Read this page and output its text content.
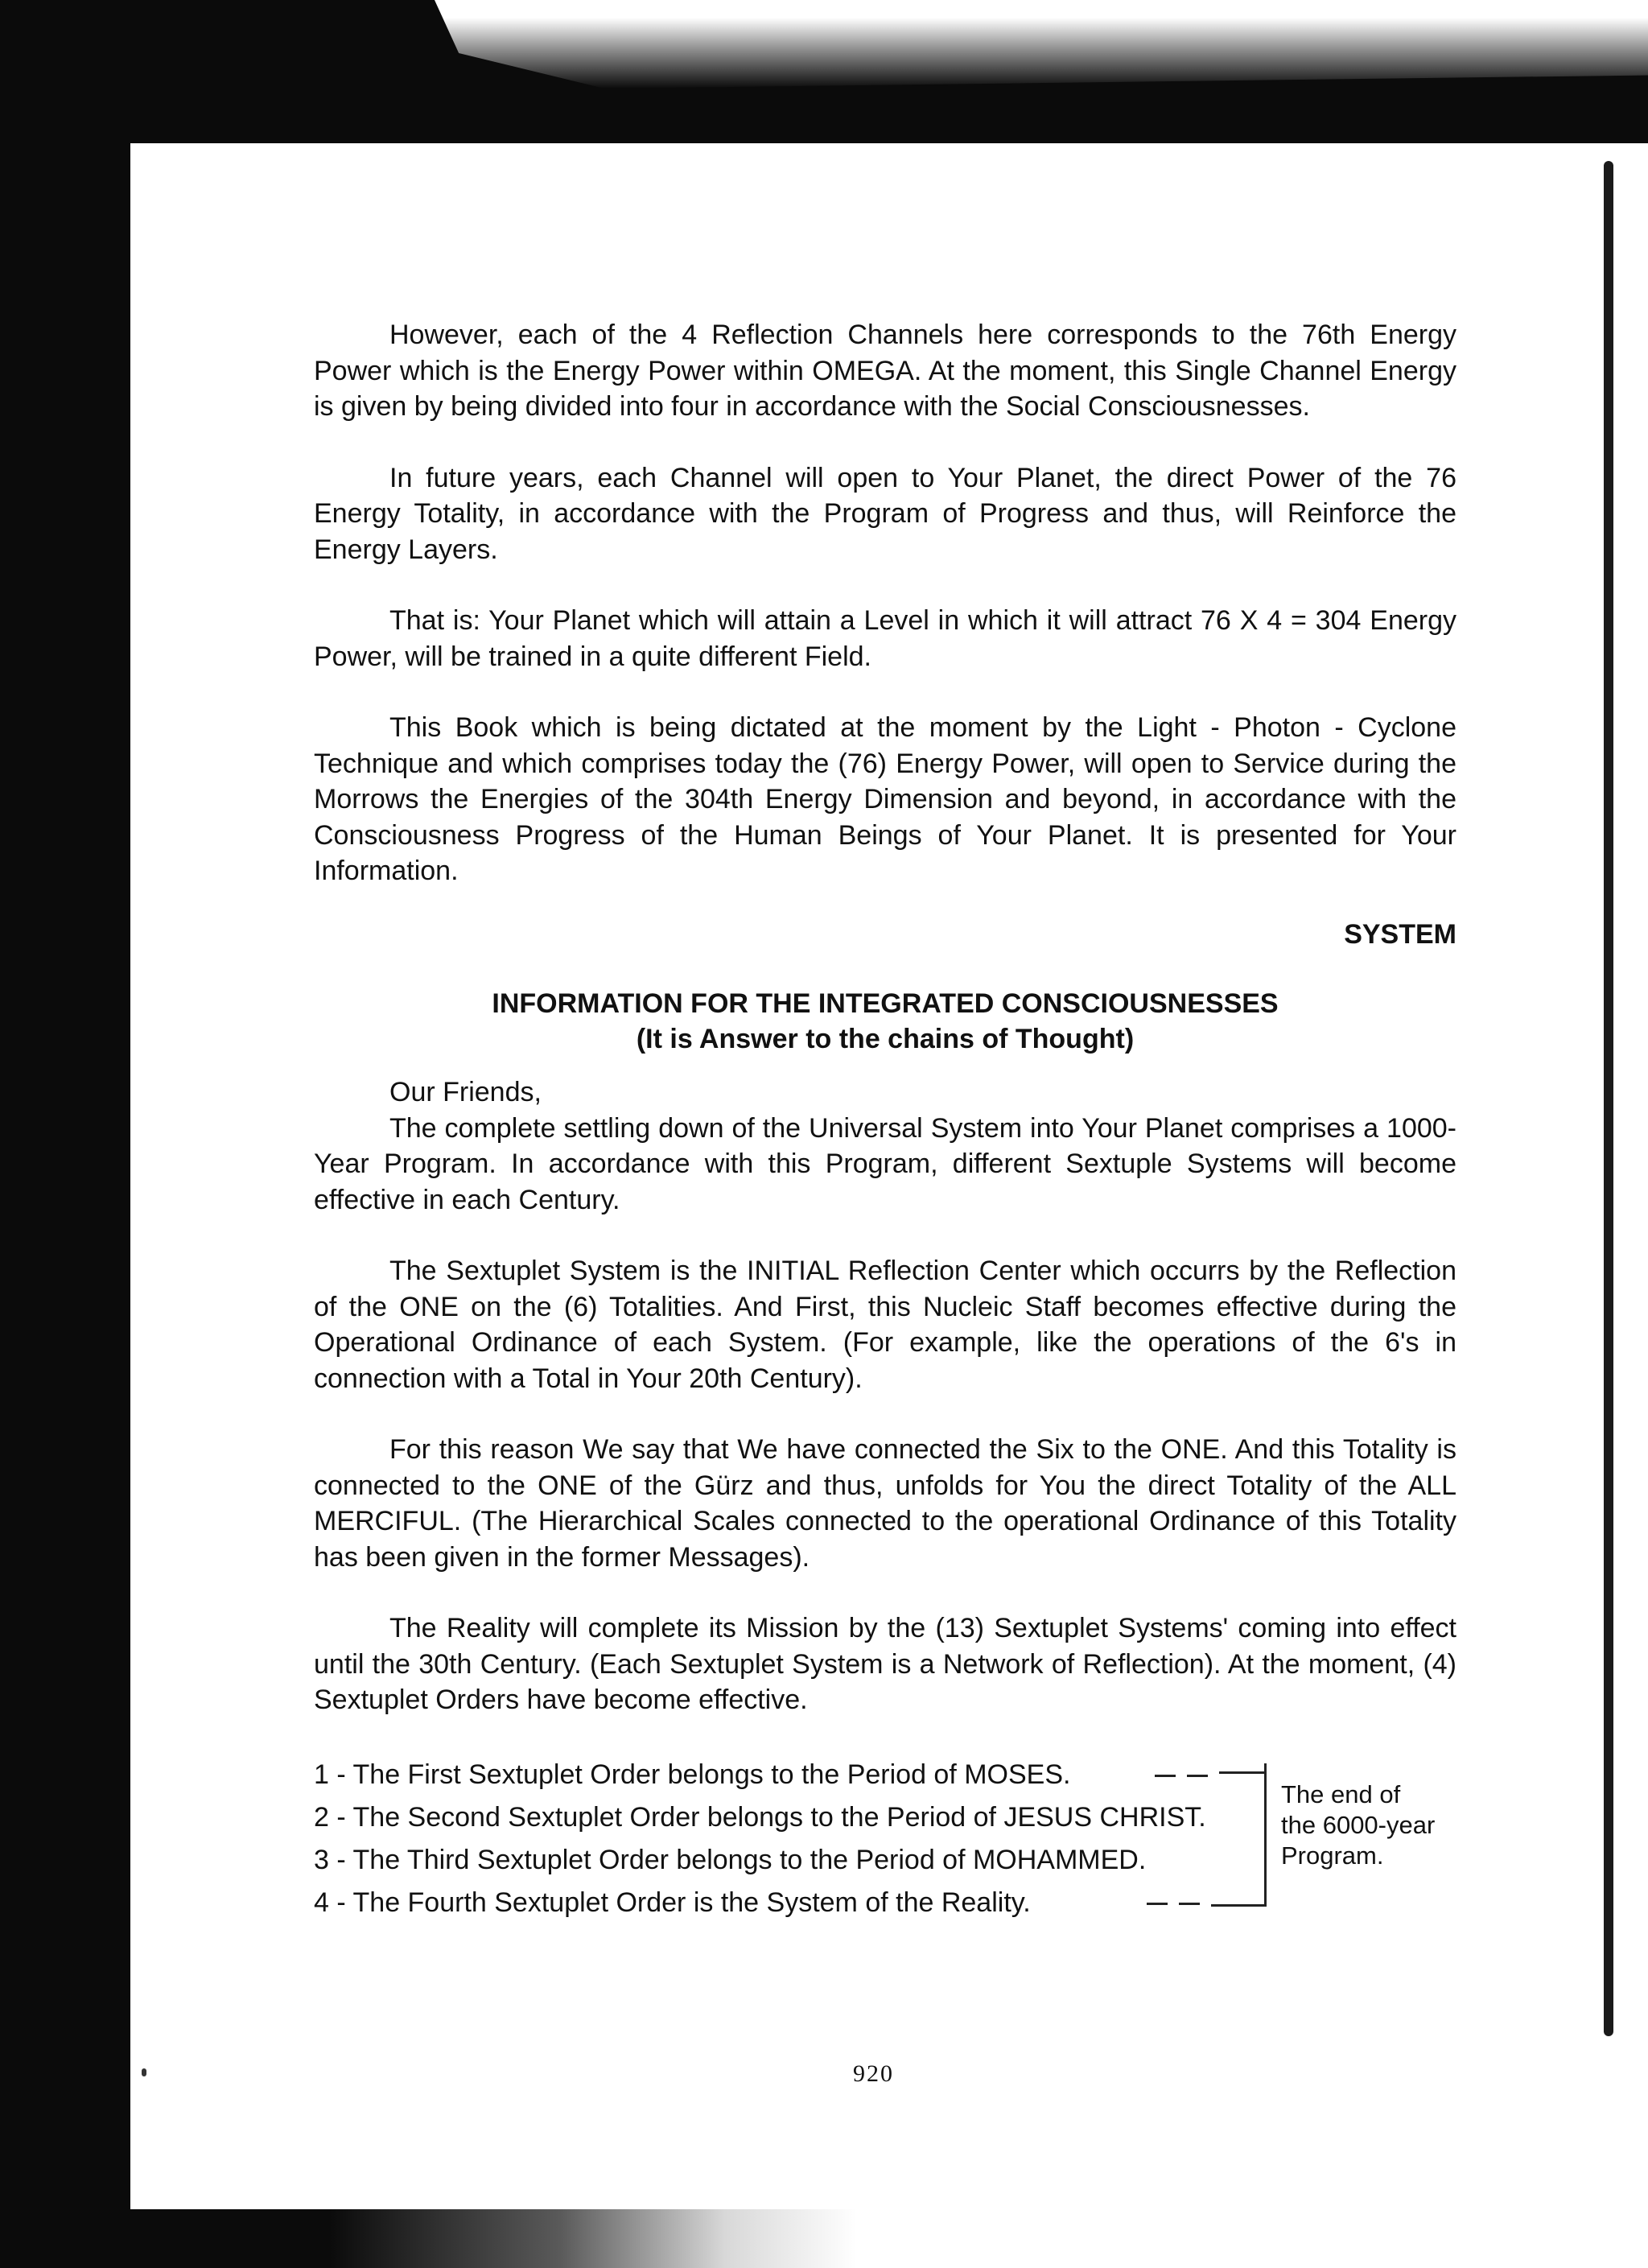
However, each of the 4 Reflection Channels here corresponds to the 76th Energy Power which is the Energy Power within OMEGA. At the moment, this Single Channel Energy is given by being divided into four in accordance with the Social Consciousnesses.

In future years, each Channel will open to Your Planet, the direct Power of the 76 Energy Totality, in accordance with the Program of Progress and thus, will Reinforce the Energy Layers.

That is: Your Planet which will attain a Level in which it will attract 76 X 4 = 304 Energy Power, will be trained in a quite different Field.

This Book which is being dictated at the moment by the Light - Photon - Cyclone Technique and which comprises today the (76) Energy Power, will open to Service during the Morrows the Energies of the 304th Energy Dimension and beyond, in accordance with the Consciousness Progress of the Human Beings of Your Planet. It is presented for Your Information.

SYSTEM
INFORMATION FOR THE INTEGRATED CONSCIOUSNESSES
(It is Answer to the chains of Thought)
Our Friends,

The complete settling down of the Universal System into Your Planet comprises a 1000-Year Program. In accordance with this Program, different Sextuple Systems will become effective in each Century.

The Sextuplet System is the INITIAL Reflection Center which occurrs by the Reflection of the ONE on the (6) Totalities. And First, this Nucleic Staff becomes effective during the Operational Ordinance of each System. (For example, like the operations of the 6's in connection with a Total in Your 20th Century).

For this reason We say that We have connected the Six to the ONE. And this Totality is connected to the ONE of the Gürz and thus, unfolds for You the direct Totality of the ALL MERCIFUL. (The Hierarchical Scales connected to the operational Ordinance of this Totality has been given in the former Messages).

The Reality will complete its Mission by the (13) Sextuplet Systems' coming into effect until the 30th Century. (Each Sextuplet System is a Network of Reflection). At the moment, (4) Sextuplet Orders have become effective.

1 - The First Sextuplet Order belongs to the Period of MOSES.
2 - The Second Sextuplet Order belongs to the Period of JESUS CHRIST.
3 - The Third Sextuplet Order belongs to the Period of MOHAMMED.
4 - The Fourth Sextuplet Order is the System of the Reality.
The end of
the 6000-year
Program.
920
